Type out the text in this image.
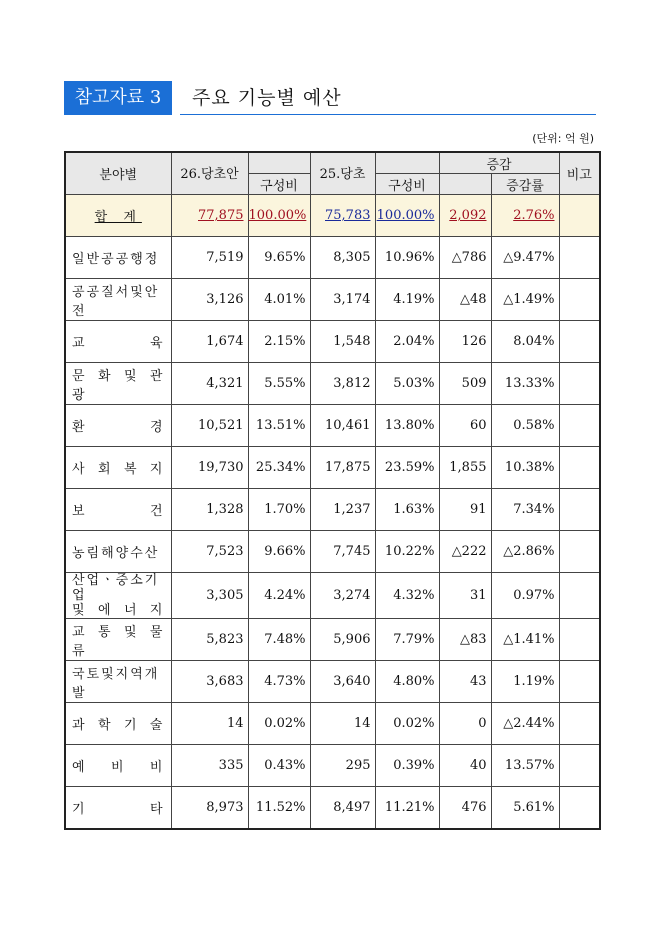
참고자료 3	주요 기능별 예산
(단위: 억 원)
분야별	26.당초안		25.당초		증감		비고
		구성비		구성비		증감률	
합 계	77,875	100.00%	75,783	100.00%	2,092	2.76%	
일반공공행정	7,519	9.65%	8,305	10.96%	△786	△9.47%	
공공질서및안전	3,126	4.01%	3,174	4.19%	△48	△1.49%	
교 육	1,674	2.15%	1,548	2.04%	126	8.04%	
문 화 및 관 광	4,321	5.55%	3,812	5.03%	509	13.33%	
환 경	10,521	13.51%	10,461	13.80%	60	0.58%	
사 회 복 지	19,730	25.34%	17,875	23.59%	1,855	10.38%	
보 건	1,328	1.70%	1,237	1.63%	91	7.34%	
농림해양수산	7,523	9.66%	7,745	10.22%	△222	△2.86%	

산업ㆍ중소기업
및 에 너 지	3,305	4.24%	3,274	4.32%	31	0.97%	
교 통 및 물 류	5,823	7.48%	5,906	7.79%	△83	△1.41%	
국토및지역개발	3,683	4.73%	3,640	4.80%	43	1.19%	
과 학 기 술	14	0.02%	14	0.02%	0	△2.44%	
예 비 비	335	0.43%	295	0.39%	40	13.57%	
기 타	8,973	11.52%	8,497	11.21%	476	5.61%	
